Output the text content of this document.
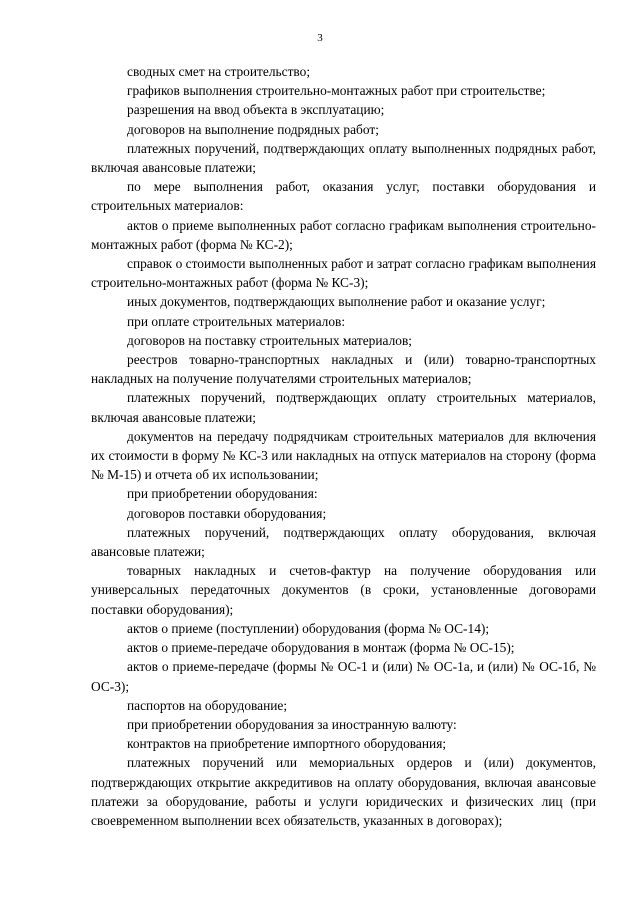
3

сводных смет на строительство;

графиков выполнения строительно-монтажных работ при строительстве;

разрешения на ввод объекта в эксплуатацию;

договоров на выполнение подрядных работ;

платежных поручений, подтверждающих оплату выполненных подрядных работ, включая авансовые платежи;

по мере выполнения работ, оказания услуг, поставки оборудования и строительных материалов:

актов о приеме выполненных работ согласно графикам выполнения строительно-монтажных работ (форма № КС-2);

справок о стоимости выполненных работ и затрат согласно графикам выполнения строительно-монтажных работ (форма № КС-3);

иных документов, подтверждающих выполнение работ и оказание услуг;

при оплате строительных материалов:

договоров на поставку строительных материалов;

реестров товарно-транспортных накладных и (или) товарно-транспортных накладных на получение получателями строительных материалов;

платежных поручений, подтверждающих оплату строительных материалов, включая авансовые платежи;

документов на передачу подрядчикам строительных материалов для включения их стоимости в форму № КС-3 или накладных на отпуск материалов на сторону (форма № М-15) и отчета об их использовании;

при приобретении оборудования:

договоров поставки оборудования;

платежных поручений, подтверждающих оплату оборудования, включая авансовые платежи;

товарных накладных и счетов-фактур на получение оборудования или универсальных передаточных документов (в сроки, установленные договорами поставки оборудования);

актов о приеме (поступлении) оборудования (форма № ОС-14);

актов о приеме-передаче оборудования в монтаж (форма № ОС-15);

актов о приеме-передаче (формы № ОС-1 и (или) № ОС-1а, и (или) № ОС-1б, № ОС-3);

паспортов на оборудование;

при приобретении оборудования за иностранную валюту:

контрактов на приобретение импортного оборудования;

платежных поручений или мемориальных ордеров и (или) документов, подтверждающих открытие аккредитивов на оплату оборудования, включая авансовые платежи за оборудование, работы и услуги юридических и физических лиц (при своевременном выполнении всех обязательств, указанных в договорах);
